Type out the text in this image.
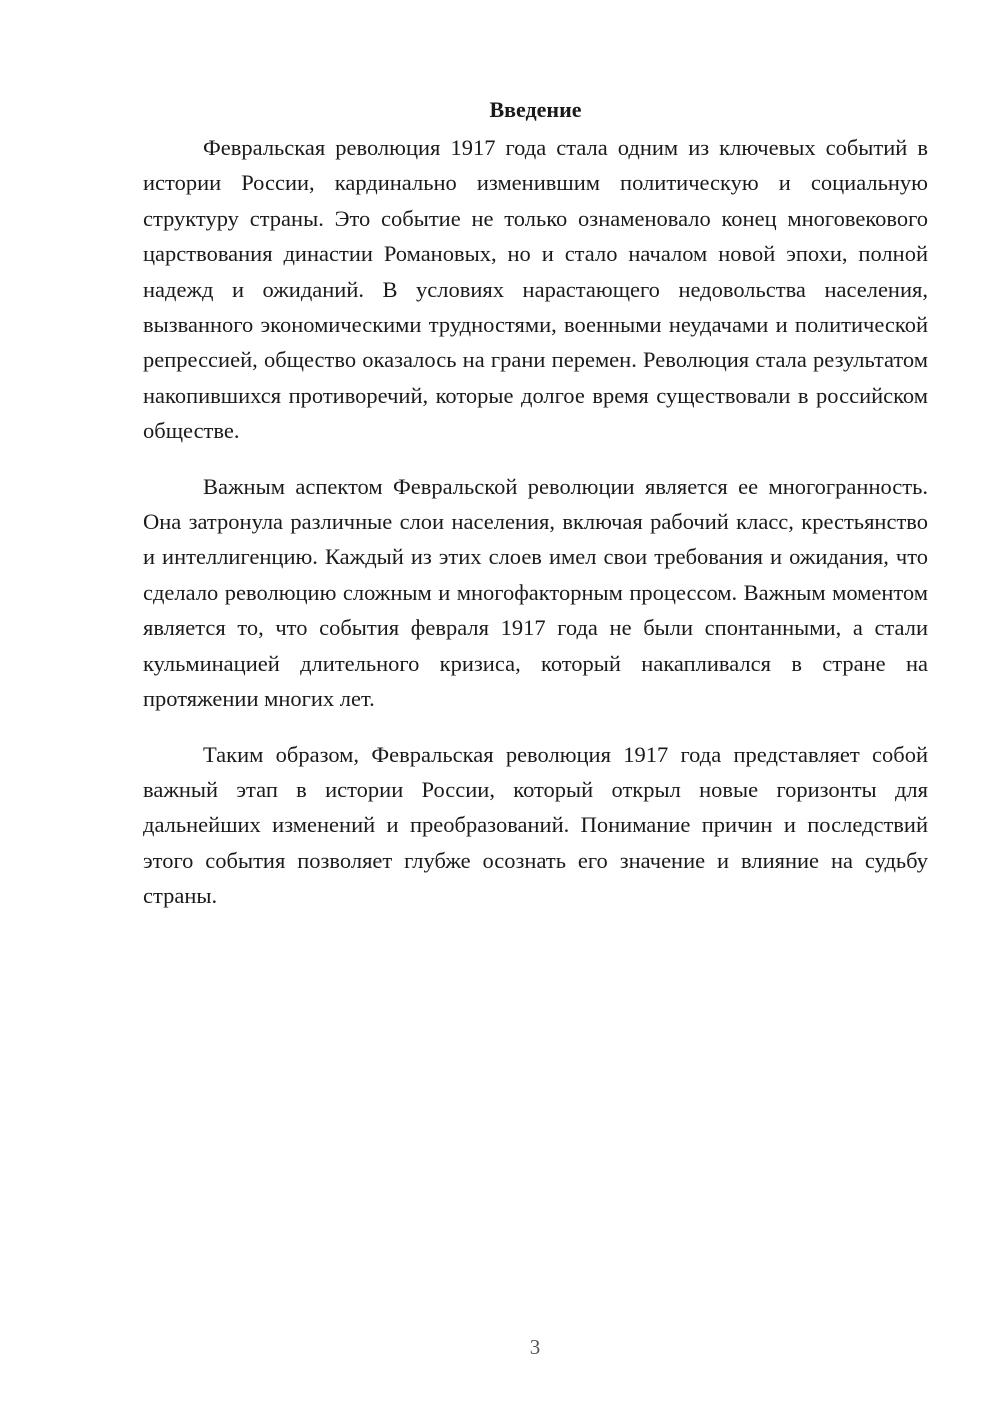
Введение

Февральская революция 1917 года стала одним из ключевых событий в истории России, кардинально изменившим политическую и социальную структуру страны. Это событие не только ознаменовало конец многовекового царствования династии Романовых, но и стало началом новой эпохи, полной надежд и ожиданий. В условиях нарастающего недовольства населения, вызванного экономическими трудностями, военными неудачами и политической репрессией, общество оказалось на грани перемен. Революция стала результатом накопившихся противоречий, которые долгое время существовали в российском обществе.

Важным аспектом Февральской революции является ее многогранность. Она затронула различные слои населения, включая рабочий класс, крестьянство и интеллигенцию. Каждый из этих слоев имел свои требования и ожидания, что сделало революцию сложным и многофакторным процессом. Важным моментом является то, что события февраля 1917 года не были спонтанными, а стали кульминацией длительного кризиса, который накапливался в стране на протяжении многих лет.

Таким образом, Февральская революция 1917 года представляет собой важный этап в истории России, который открыл новые горизонты для дальнейших изменений и преобразований. Понимание причин и последствий этого события позволяет глубже осознать его значение и влияние на судьбу страны.

3
